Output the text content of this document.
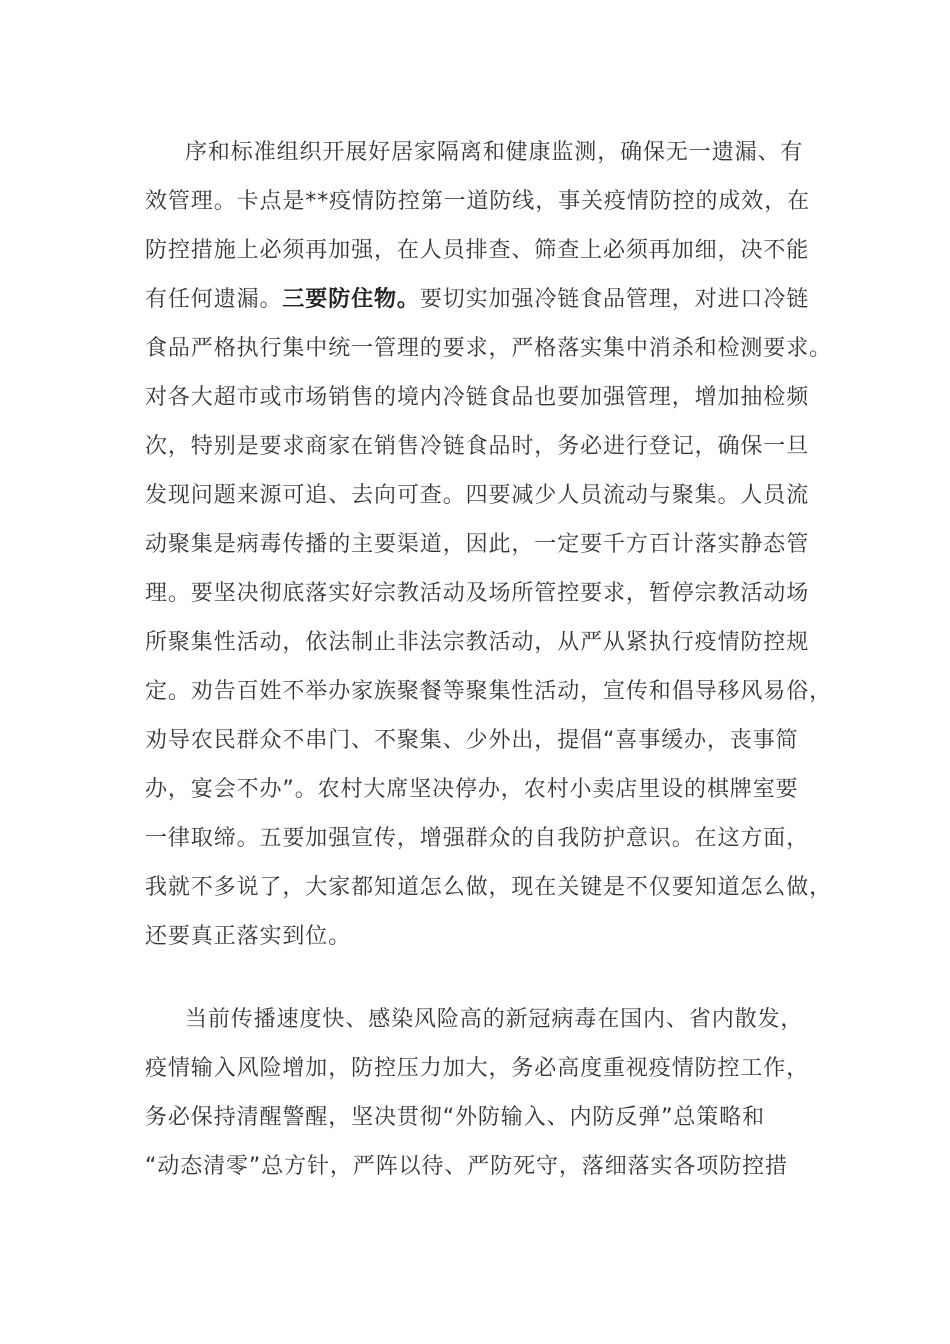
序和标准组织开展好居家隔离和健康监测，确保无一遗漏、有
效管理。卡点是**疫情防控第一道防线，事关疫情防控的成效，在
防控措施上必须再加强，在人员排查、筛查上必须再加细，决不能
有任何遗漏。三要防住物。要切实加强冷链食品管理，对进口冷链
食品严格执行集中统一管理的要求，严格落实集中消杀和检测要求。
对各大超市或市场销售的境内冷链食品也要加强管理，增加抽检频
次，特别是要求商家在销售冷链食品时，务必进行登记，确保一旦
发现问题来源可追、去向可查。四要减少人员流动与聚集。人员流
动聚集是病毒传播的主要渠道，因此，一定要千方百计落实静态管
理。要坚决彻底落实好宗教活动及场所管控要求，暂停宗教活动场
所聚集性活动，依法制止非法宗教活动，从严从紧执行疫情防控规
定。劝告百姓不举办家族聚餐等聚集性活动，宣传和倡导移风易俗，
劝导农民群众不串门、不聚集、少外出，提倡“喜事缓办，丧事简
办，宴会不办”。农村大席坚决停办，农村小卖店里设的棋牌室要
一律取缔。五要加强宣传，增强群众的自我防护意识。在这方面，
我就不多说了，大家都知道怎么做，现在关键是不仅要知道怎么做，
还要真正落实到位。
当前传播速度快、感染风险高的新冠病毒在国内、省内散发，
疫情输入风险增加，防控压力加大，务必高度重视疫情防控工作，
务必保持清醒警醒，坚决贯彻“外防输入、内防反弹”总策略和
“动态清零”总方针，严阵以待、严防死守，落细落实各项防控措
